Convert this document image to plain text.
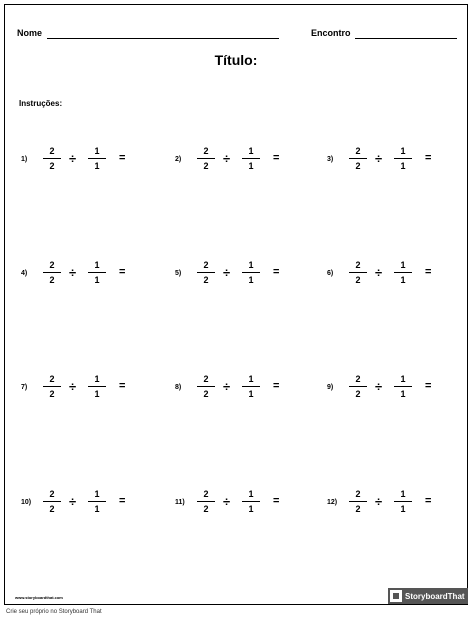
Nome	Encontro
Título:
Instruções:
1)
2
2	÷	1
1
=	2)
2
2	÷	1
1
=	3)
2
2	÷	1
1
=
4)
2
2	÷	1
1
=	5)
2
2	÷	1
1
=	6)
2
2	÷	1
1
=
7)
2
2	÷	1
1
=	8)
2
2	÷	1
1
=	9)
2
2	÷	1
1
=
10)
2
2	÷	1
1
=	11)
2
2	÷	1
1
=	12)
2
2	÷	1
1
=
www.storyboardthat.com	StoryboardThat
Crie seu próprio no Storyboard That
